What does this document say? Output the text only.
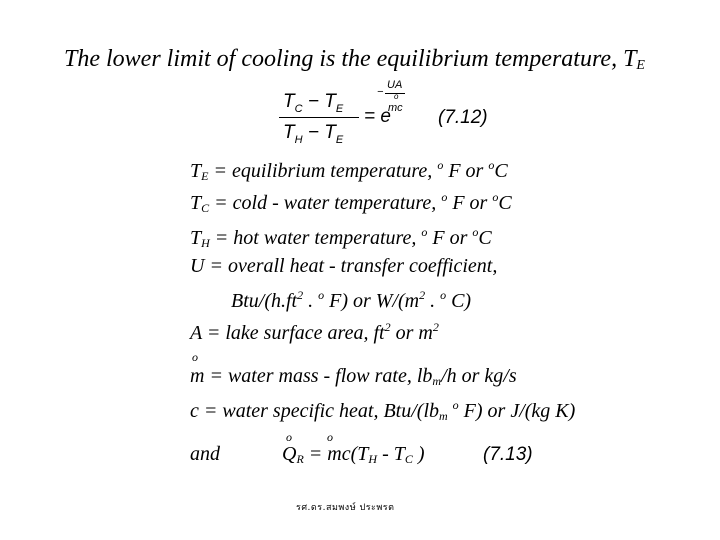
The lower limit of cooling is the equilibrium temperature, $T_E$
$T_C - T_E$
$T_H - T_E$
= e
−
UA
o
mc (7.12)
$T_E$ = equilibrium temperature, $^o$ F or $^o$C
$T_C$ = cold - water temperature, $^o$ F or $^o$C
$T_H$ = hot water temperature, $^o$ F or $^o$C
U = overall heat - transfer coefficient,
Btu/($h.ft^2$ . $^o$ F) or $W/(m^2$ . $^o$ C)
A = lake surface area, $ft^2$ or $m^2$
o
m = water mass - flow rate, $lb_m/h$ or kg/s
c = water specific heat, Btu/($lb_m$ $^o$ F) or J/(kg K)
o	o
and	$Q_R = mc(T_H - T_C$ )	(7.13)
รศ.ดร.สมพงษ์ ประพรต
